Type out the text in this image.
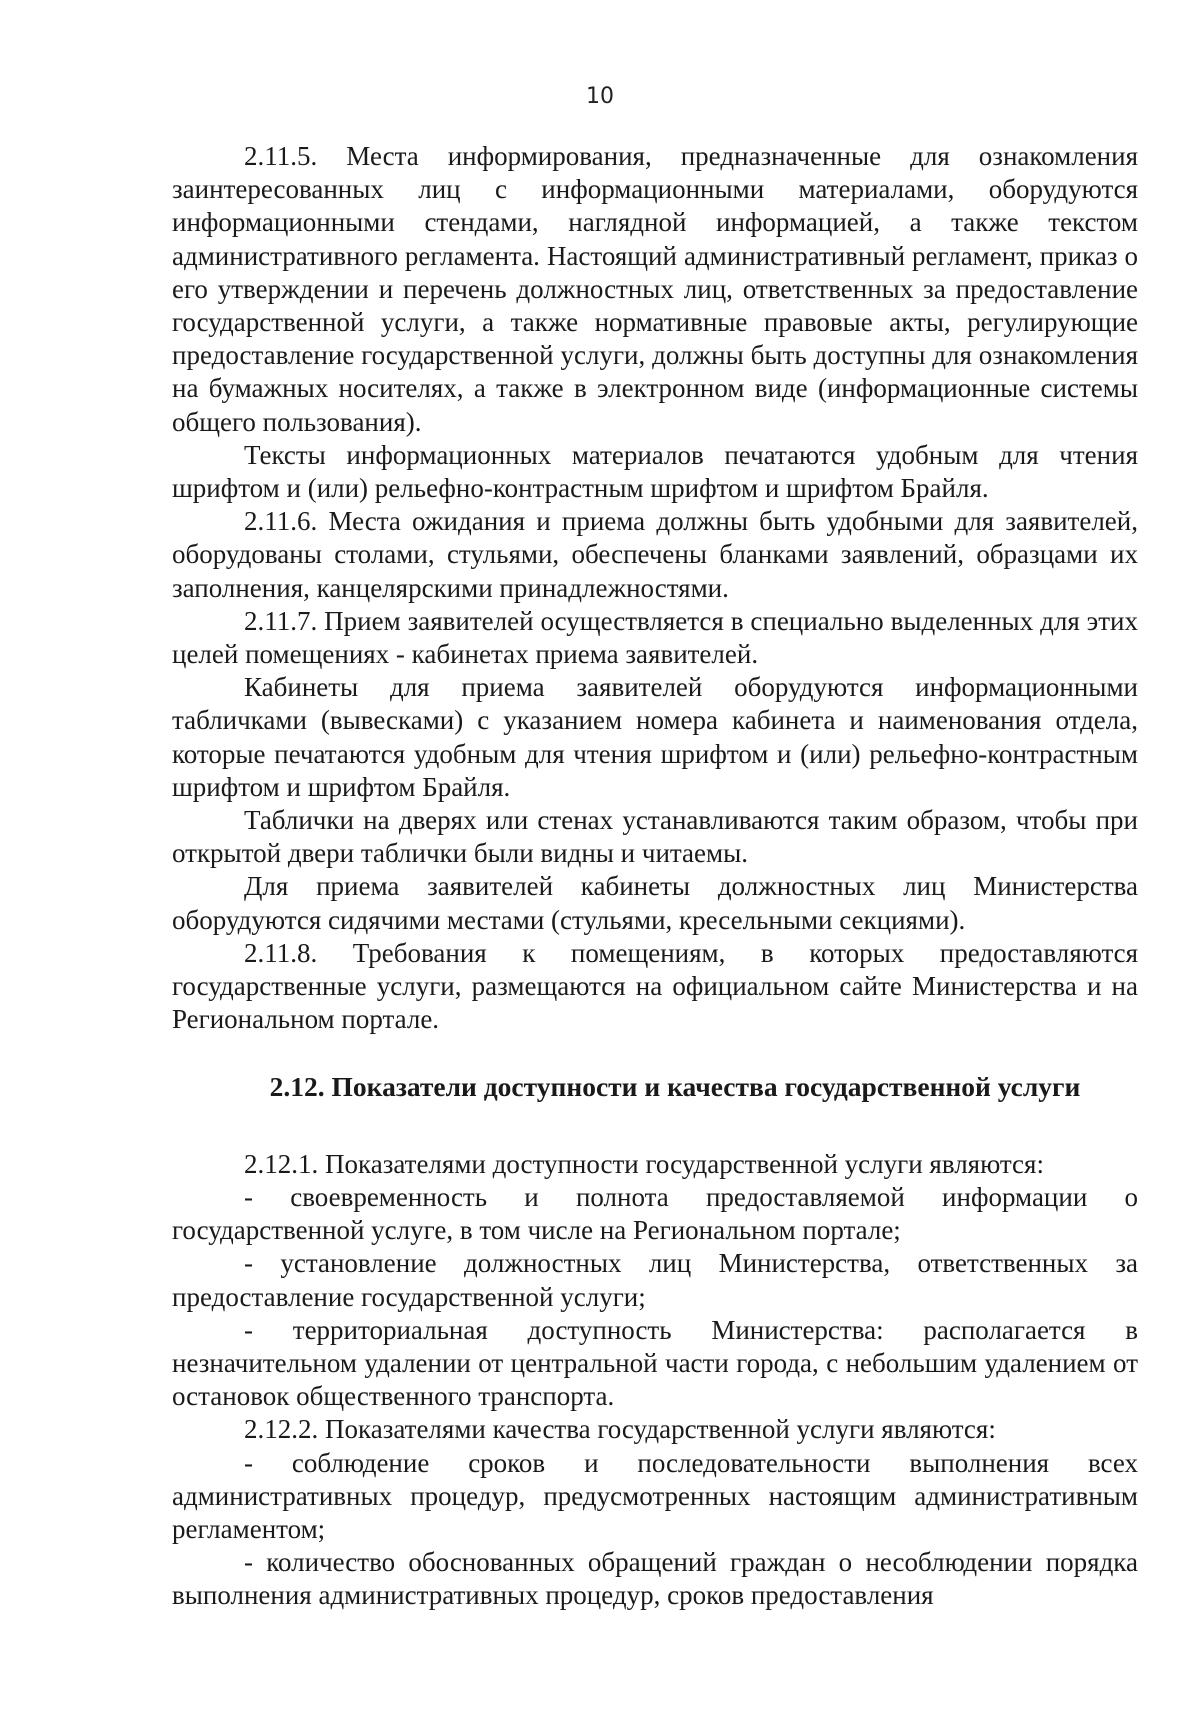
10

2.11.5. Места информирования, предназначенные для ознакомления заинтересованных лиц с информационными материалами, оборудуются информационными стендами, наглядной информацией, а также текстом административного регламента. Настоящий административный регламент, приказ о его утверждении и перечень должностных лиц, ответственных за предоставление государственной услуги, а также нормативные правовые акты, регулирующие предоставление государственной услуги, должны быть доступны для ознакомления на бумажных носителях, а также в электронном виде (информационные системы общего пользования).

Тексты информационных материалов печатаются удобным для чтения шрифтом и (или) рельефно-контрастным шрифтом и шрифтом Брайля.

2.11.6. Места ожидания и приема должны быть удобными для заявителей, оборудованы столами, стульями, обеспечены бланками заявлений, образцами их заполнения, канцелярскими принадлежностями.

2.11.7. Прием заявителей осуществляется в специально выделенных для этих целей помещениях - кабинетах приема заявителей.

Кабинеты для приема заявителей оборудуются информационными табличками (вывесками) с указанием номера кабинета и наименования отдела, которые печатаются удобным для чтения шрифтом и (или) рельефно-контрастным шрифтом и шрифтом Брайля.

Таблички на дверях или стенах устанавливаются таким образом, чтобы при открытой двери таблички были видны и читаемы.

Для приема заявителей кабинеты должностных лиц Министерства оборудуются сидячими местами (стульями, кресельными секциями).

2.11.8. Требования к помещениям, в которых предоставляются государственные услуги, размещаются на официальном сайте Министерства и на Региональном портале.

2.12. Показатели доступности и качества государственной услуги

2.12.1. Показателями доступности государственной услуги являются:

- своевременность и полнота предоставляемой информации о государственной услуге, в том числе на Региональном портале;

- установление должностных лиц Министерства, ответственных за предоставление государственной услуги;

- территориальная доступность Министерства: располагается в незначительном удалении от центральной части города, с небольшим удалением от остановок общественного транспорта.

2.12.2. Показателями качества государственной услуги являются:

- соблюдение сроков и последовательности выполнения всех административных процедур, предусмотренных настоящим административным регламентом;

- количество обоснованных обращений граждан о несоблюдении порядка выполнения административных процедур, сроков предоставления
